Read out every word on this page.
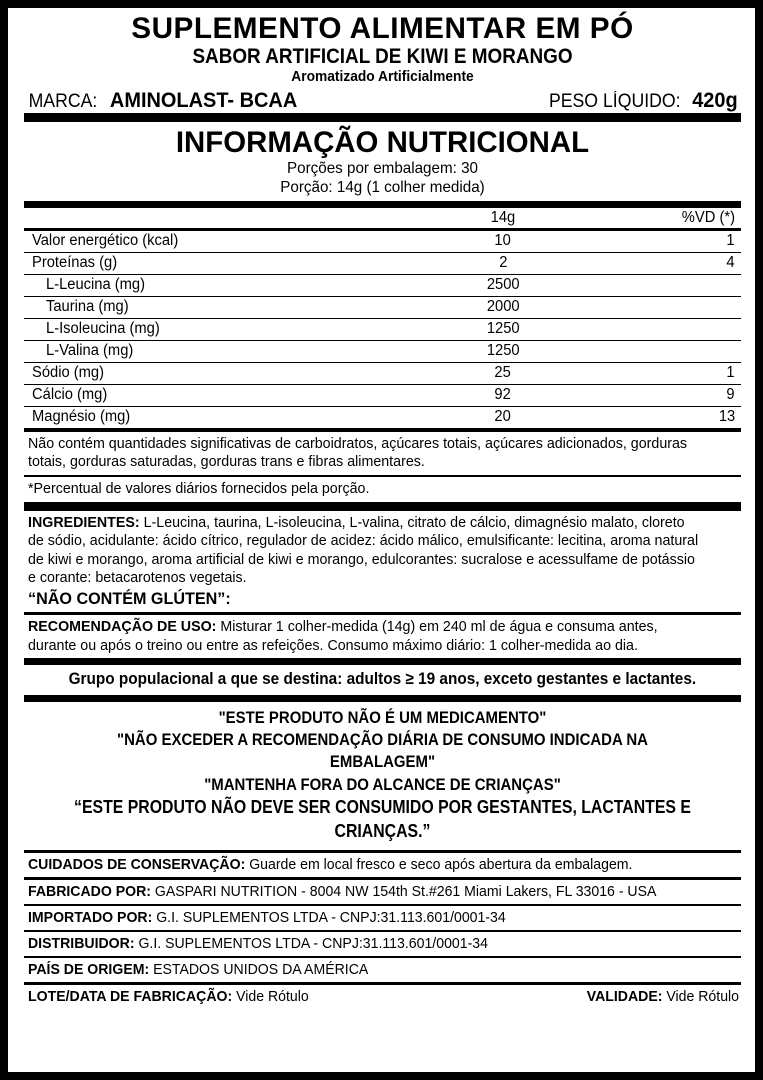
SUPLEMENTO ALIMENTAR EM PÓ
SABOR ARTIFICIAL DE KIWI E MORANGO
Aromatizado Artificialmente
MARCA: AMINOLAST- BCAA	PESO LÍQUIDO: 420g
INFORMAÇÃO NUTRICIONAL
Porções por embalagem: 30
Porção: 14g (1 colher medida)
	14g	%VD (*)
Valor energético (kcal)	10	1
Proteínas (g)	2	4
L-Leucina (mg)	2500	
Taurina (mg)	2000	
L-Isoleucina (mg)	1250	
L-Valina (mg)	1250	
Sódio (mg)	25	1
Cálcio (mg)	92	9
Magnésio (mg)	20	13
Não contém quantidades significativas de carboidratos, açúcares totais, açúcares adicionados, gorduras totais, gorduras saturadas, gorduras trans e fibras alimentares.
*Percentual de valores diários fornecidos pela porção.
INGREDIENTES: L-Leucina, taurina, L-isoleucina, L-valina, citrato de cálcio, dimagnésio malato, cloreto de sódio, acidulante: ácido cítrico, regulador de acidez: ácido málico, emulsificante: lecitina, aroma natural de kiwi e morango, aroma artificial de kiwi e morango, edulcorantes: sucralose e acessulfame de potássio e corante: betacarotenos vegetais.
“NÃO CONTÉM GLÚTEN”:
RECOMENDAÇÃO DE USO: Misturar 1 colher-medida (14g) em 240 ml de água e consuma antes, durante ou após o treino ou entre as refeições. Consumo máximo diário: 1 colher-medida ao dia.
Grupo populacional a que se destina: adultos ≥ 19 anos, exceto gestantes e lactantes.
"ESTE PRODUTO NÃO É UM MEDICAMENTO"
"NÃO EXCEDER A RECOMENDAÇÃO DIÁRIA DE CONSUMO INDICADA NA EMBALAGEM"
"MANTENHA FORA DO ALCANCE DE CRIANÇAS"
“ESTE PRODUTO NÃO DEVE SER CONSUMIDO POR GESTANTES, LACTANTES E CRIANÇAS.”
CUIDADOS DE CONSERVAÇÃO: Guarde em local fresco e seco após abertura da embalagem.
FABRICADO POR: GASPARI NUTRITION - 8004 NW 154th St.#261 Miami Lakers, FL 33016 - USA
IMPORTADO POR: G.I. SUPLEMENTOS LTDA - CNPJ:31.113.601/0001-34
DISTRIBUIDOR: G.I. SUPLEMENTOS LTDA - CNPJ:31.113.601/0001-34
PAÍS DE ORIGEM: ESTADOS UNIDOS DA AMÉRICA
LOTE/DATA DE FABRICAÇÃO: Vide Rótulo	VALIDADE: Vide Rótulo
